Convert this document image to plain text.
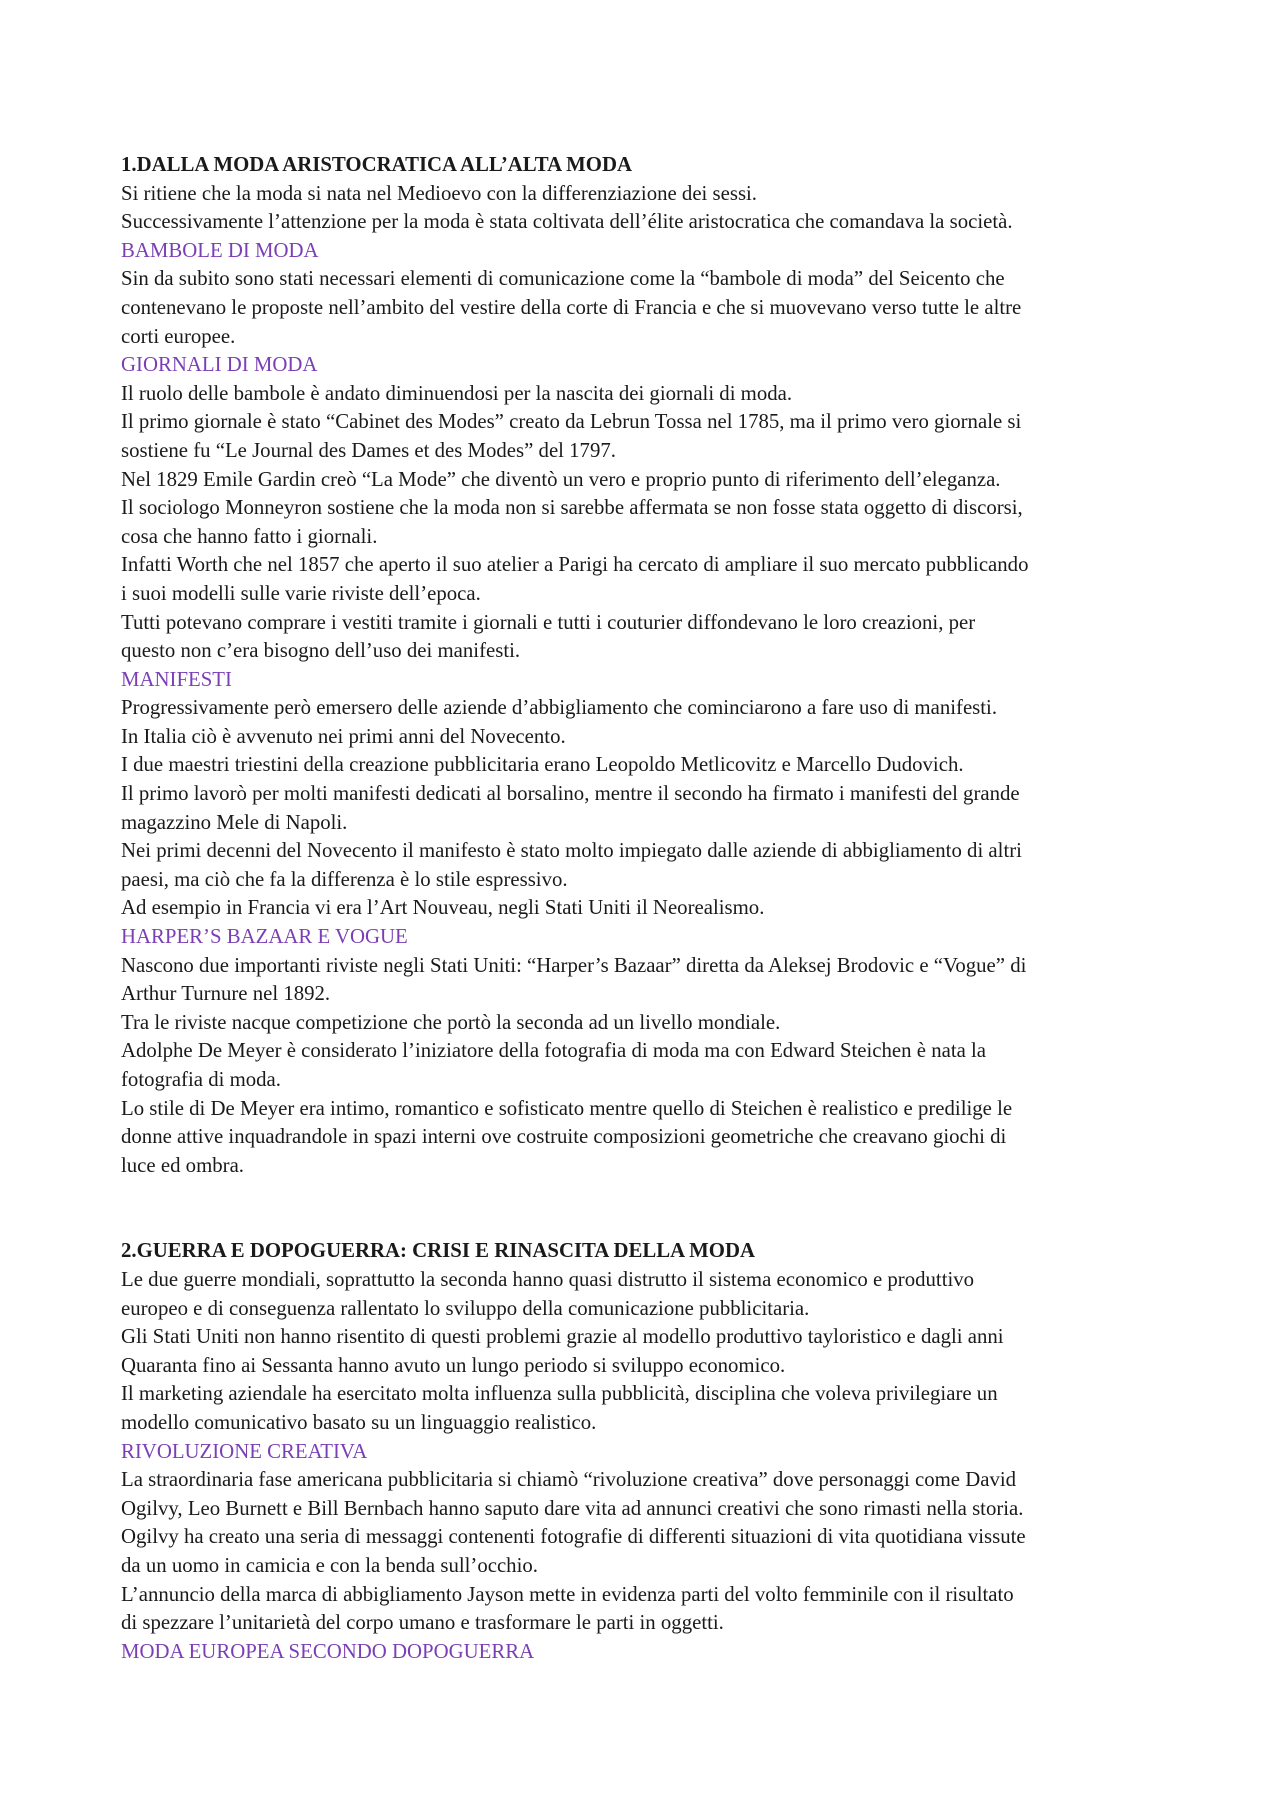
1.DALLA MODA ARISTOCRATICA ALL’ALTA MODA
Si ritiene che la moda si nata nel Medioevo con la differenziazione dei sessi.
Successivamente l’attenzione per la moda è stata coltivata dell’élite aristocratica che comandava la società.
BAMBOLE DI MODA
Sin da subito sono stati necessari elementi di comunicazione come la “bambole di moda” del Seicento che
contenevano le proposte nell’ambito del vestire della corte di Francia e che si muovevano verso tutte le altre
corti europee.
GIORNALI DI MODA
Il ruolo delle bambole è andato diminuendosi per la nascita dei giornali di moda.
Il primo giornale è stato “Cabinet des Modes” creato da Lebrun Tossa nel 1785, ma il primo vero giornale si
sostiene fu “Le Journal des Dames et des Modes” del 1797.
Nel 1829 Emile Gardin creò “La Mode” che diventò un vero e proprio punto di riferimento dell’eleganza.
Il sociologo Monneyron sostiene che la moda non si sarebbe affermata se non fosse stata oggetto di discorsi,
cosa che hanno fatto i giornali.
Infatti Worth che nel 1857 che aperto il suo atelier a Parigi ha cercato di ampliare il suo mercato pubblicando
i suoi modelli sulle varie riviste dell’epoca.
Tutti potevano comprare i vestiti tramite i giornali e tutti i couturier diffondevano le loro creazioni, per
questo non c’era bisogno dell’uso dei manifesti.
MANIFESTI
Progressivamente però emersero delle aziende d’abbigliamento che cominciarono a fare uso di manifesti.
In Italia ciò è avvenuto nei primi anni del Novecento.
I due maestri triestini della creazione pubblicitaria erano Leopoldo Metlicovitz e Marcello Dudovich.
Il primo lavorò per molti manifesti dedicati al borsalino, mentre il secondo ha firmato i manifesti del grande
magazzino Mele di Napoli.
Nei primi decenni del Novecento il manifesto è stato molto impiegato dalle aziende di abbigliamento di altri
paesi, ma ciò che fa la differenza è lo stile espressivo.
Ad esempio in Francia vi era l’Art Nouveau, negli Stati Uniti il Neorealismo.
HARPER’S BAZAAR E VOGUE
Nascono due importanti riviste negli Stati Uniti: “Harper’s Bazaar” diretta da Aleksej Brodovic e “Vogue” di
Arthur Turnure nel 1892.
Tra le riviste nacque competizione che portò la seconda ad un livello mondiale.
Adolphe De Meyer è considerato l’iniziatore della fotografia di moda ma con Edward Steichen è nata la
fotografia di moda.
Lo stile di De Meyer era intimo, romantico e sofisticato mentre quello di Steichen è realistico e predilige le
donne attive inquadrandole in spazi interni ove costruite composizioni geometriche che creavano giochi di
luce ed ombra.
2.GUERRA E DOPOGUERRA: CRISI E RINASCITA DELLA MODA
Le due guerre mondiali, soprattutto la seconda hanno quasi distrutto il sistema economico e produttivo
europeo e di conseguenza rallentato lo sviluppo della comunicazione pubblicitaria.
Gli Stati Uniti non hanno risentito di questi problemi grazie al modello produttivo tayloristico e dagli anni
Quaranta fino ai Sessanta hanno avuto un lungo periodo si sviluppo economico.
Il marketing aziendale ha esercitato molta influenza sulla pubblicità, disciplina che voleva privilegiare un
modello comunicativo basato su un linguaggio realistico.
RIVOLUZIONE CREATIVA
La straordinaria fase americana pubblicitaria si chiamò “rivoluzione creativa” dove personaggi come David
Ogilvy, Leo Burnett e Bill Bernbach hanno saputo dare vita ad annunci creativi che sono rimasti nella storia.
Ogilvy ha creato una seria di messaggi contenenti fotografie di differenti situazioni di vita quotidiana vissute
da un uomo in camicia e con la benda sull’occhio.
L’annuncio della marca di abbigliamento Jayson mette in evidenza parti del volto femminile con il risultato
di spezzare l’unitarietà del corpo umano e trasformare le parti in oggetti.
MODA EUROPEA SECONDO DOPOGUERRA
